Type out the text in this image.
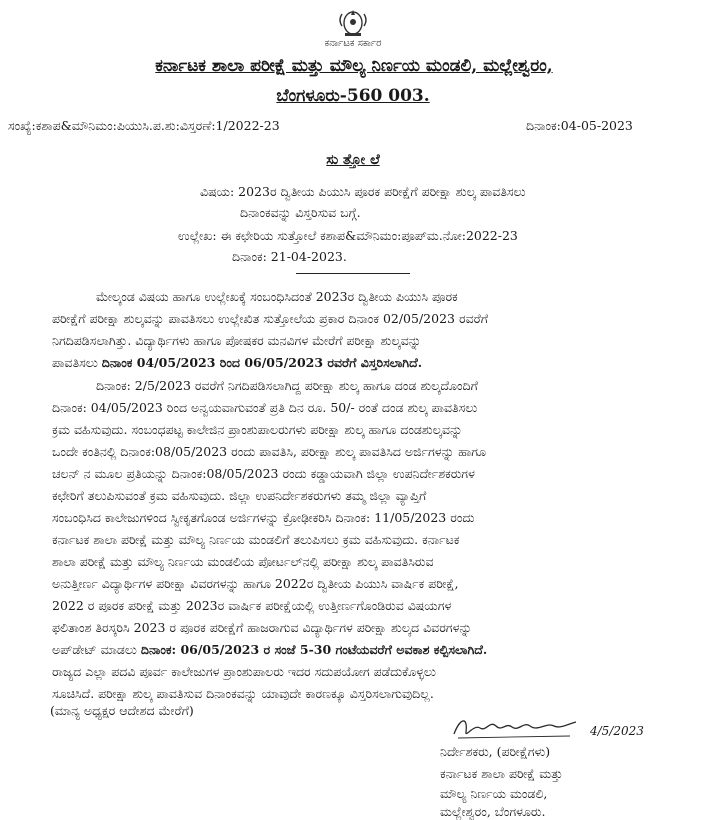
ಕರ್ನಾಟಕ ಸರ್ಕಾರ
ಕರ್ನಾಟಕ ಶಾಲಾ ಪರೀಕ್ಷೆ ಮತ್ತು ಮೌಲ್ಯ ನಿರ್ಣಯ ಮಂಡಲಿ, ಮಲ್ಲೇಶ್ವರಂ,
ಬೆಂಗಳೂರು-560 003.
ಸಂಖ್ಯೆ:ಕಶಾಪ&ಮೌನಿಮಂ:ಪಿಯುಸಿ.ಪ.ಶು:ವಿಸ್ತರಣೆ:1/2022-23	ದಿನಾಂಕ:04-05-2023
ಸು ತ್ತೋ ಲೆ
ವಿಷಯ: 2023ರ ದ್ವಿತೀಯ ಪಿಯುಸಿ ಪೂರಕ ಪರೀಕ್ಷೆಗೆ ಪರೀಕ್ಷಾ ಶುಲ್ಕ ಪಾವತಿಸಲು
ದಿನಾಂಕವನ್ನು ವಿಸ್ತರಿಸುವ ಬಗ್ಗೆ.
ಉಲ್ಲೇಖ: ಈ ಕಛೇರಿಯ ಸುತ್ತೋಲೆ ಕಶಾಪ&ಮೌನಿಮಂ:ಪೂಪ್‌ಮ.ನೋ:2022-23
ದಿನಾಂಕ: 21-04-2023.
ಮೇಲ್ಕಂಡ ವಿಷಯ ಹಾಗೂ ಉಲ್ಲೇಖಕ್ಕೆ ಸಂಬಂಧಿಸಿದಂತೆ 2023ರ ದ್ವಿತೀಯ ಪಿಯುಸಿ ಪೂರಕ
ಪರೀಕ್ಷೆಗೆ ಪರೀಕ್ಷಾ ಶುಲ್ಕವನ್ನು ಪಾವತಿಸಲು ಉಲ್ಲೇಖಿತ ಸುತ್ತೋಲೆಯ ಪ್ರಕಾರ ದಿನಾಂಕ 02/05/2023 ರವರೆಗೆ
ನಿಗದಿಪಡಿಸಲಾಗಿತ್ತು. ವಿದ್ಯಾರ್ಥಿಗಳು ಹಾಗೂ ಪೋಷಕರ ಮನವಿಗಳ ಮೇರೆಗೆ ಪರೀಕ್ಷಾ ಶುಲ್ಕವನ್ನು
ಪಾವತಿಸಲು ದಿನಾಂಕ 04/05/2023 ರಿಂದ 06/05/2023 ರವರೆಗೆ ವಿಸ್ತರಿಸಲಾಗಿದೆ.
ದಿನಾಂಕ: 2/5/2023 ರವರೆಗೆ ನಿಗದಿಪಡಿಸಲಾಗಿದ್ದ ಪರೀಕ್ಷಾ ಶುಲ್ಕ ಹಾಗೂ ದಂಡ ಶುಲ್ಕದೊಂದಿಗೆ
ದಿನಾಂಕ: 04/05/2023 ರಿಂದ ಅನ್ವಯವಾಗುವಂತೆ ಪ್ರತಿ ದಿನ ರೂ. 50/- ರಂತೆ ದಂಡ ಶುಲ್ಕ ಪಾವತಿಸಲು
ಕ್ರಮ ವಹಿಸುವುದು. ಸಂಬಂಧಪಟ್ಟ ಕಾಲೇಜಿನ ಪ್ರಾಂಶುಪಾಲರುಗಳು ಪರೀಕ್ಷಾ ಶುಲ್ಕ ಹಾಗೂ ದಂಡಶುಲ್ಕವನ್ನು
ಒಂದೇ ಕಂತಿನಲ್ಲಿ ದಿನಾಂಕ:08/05/2023 ರಂದು ಪಾವತಿಸಿ, ಪರೀಕ್ಷಾ ಶುಲ್ಕ ಪಾವತಿಸಿದ ಅರ್ಜಿಗಳನ್ನು ಹಾಗೂ
ಚಲನ್ ನ ಮೂಲ ಪ್ರತಿಯನ್ನು ದಿನಾಂಕ:08/05/2023 ರಂದು ಕಡ್ಡಾಯವಾಗಿ ಜಿಲ್ಲಾ ಉಪನಿರ್ದೇಶಕರುಗಳ
ಕಛೇರಿಗೆ ತಲುಪಿಸುವಂತೆ ಕ್ರಮ ವಹಿಸುವುದು. ಜಿಲ್ಲಾ ಉಪನಿರ್ದೇಶಕರುಗಳು ತಮ್ಮ ಜಿಲ್ಲಾ ವ್ಯಾಪ್ತಿಗೆ
ಸಂಬಂಧಿಸಿದ ಕಾಲೇಜುಗಳಿಂದ ಸ್ವೀಕೃತಗೊಂಡ ಅರ್ಜಿಗಳನ್ನು ಕ್ರೋಢೀಕರಿಸಿ ದಿನಾಂಕ: 11/05/2023 ರಂದು
ಕರ್ನಾಟಕ ಶಾಲಾ ಪರೀಕ್ಷೆ ಮತ್ತು ಮೌಲ್ಯ ನಿರ್ಣಯ ಮಂಡಲಿಗೆ ತಲುಪಿಸಲು ಕ್ರಮ ವಹಿಸುವುದು. ಕರ್ನಾಟಕ
ಶಾಲಾ ಪರೀಕ್ಷೆ ಮತ್ತು ಮೌಲ್ಯ ನಿರ್ಣಯ ಮಂಡಲಿಯ ಪೋರ್ಟಲ್‌ನಲ್ಲಿ ಪರೀಕ್ಷಾ ಶುಲ್ಕ ಪಾವತಿಸಿರುವ
ಅನುತ್ತೀರ್ಣ ವಿದ್ಯಾರ್ಥಿಗಳ ಪರೀಕ್ಷಾ ವಿವರಗಳನ್ನು ಹಾಗೂ 2022ರ ದ್ವಿತೀಯ ಪಿಯುಸಿ ವಾರ್ಷಿಕ ಪರೀಕ್ಷೆ,
2022 ರ ಪೂರಕ ಪರೀಕ್ಷೆ ಮತ್ತು 2023ರ ವಾರ್ಷಿಕ ಪರೀಕ್ಷೆಯಲ್ಲಿ ಉತ್ತೀರ್ಣಗೊಂಡಿರುವ ವಿಷಯಗಳ
ಫಲಿತಾಂಶ ತಿರಸ್ಕರಿಸಿ 2023 ರ ಪೂರಕ ಪರೀಕ್ಷೆಗೆ ಹಾಜರಾಗುವ ವಿದ್ಯಾರ್ಥಿಗಳ ಪರೀಕ್ಷಾ ಶುಲ್ಕದ ವಿವರಗಳನ್ನು
ಅಪ್‌ಡೇಟ್ ಮಾಡಲು ದಿನಾಂಕ: 06/05/2023 ರ ಸಂಜೆ 5-30 ಗಂಟೆಯವರೆಗೆ ಅವಕಾಶ ಕಲ್ಪಿಸಲಾಗಿದೆ.
ರಾಜ್ಯದ ಎಲ್ಲಾ ಪದವಿ ಪೂರ್ವ ಕಾಲೇಜುಗಳ ಪ್ರಾಂಶುಪಾಲರು ಇದರ ಸದುಪಯೋಗ ಪಡೆದುಕೊಳ್ಳಲು
ಸೂಚಿಸಿದೆ. ಪರೀಕ್ಷಾ ಶುಲ್ಕ ಪಾವತಿಸುವ ದಿನಾಂಕವನ್ನು ಯಾವುದೇ ಕಾರಣಕ್ಕೂ ವಿಸ್ತರಿಸಲಾಗುವುದಿಲ್ಲ.
(ಮಾನ್ಯ ಅಧ್ಯಕ್ಷರ ಆದೇಶದ ಮೇರೆಗೆ)
4/5/2023
ನಿರ್ದೇಶಕರು, (ಪರೀಕ್ಷೆಗಳು)
ಕರ್ನಾಟಕ ಶಾಲಾ ಪರೀಕ್ಷೆ ಮತ್ತು
ಮೌಲ್ಯ ನಿರ್ಣಯ ಮಂಡಲಿ,
ಮಲ್ಲೇಶ್ವರಂ, ಬೆಂಗಳೂರು.
